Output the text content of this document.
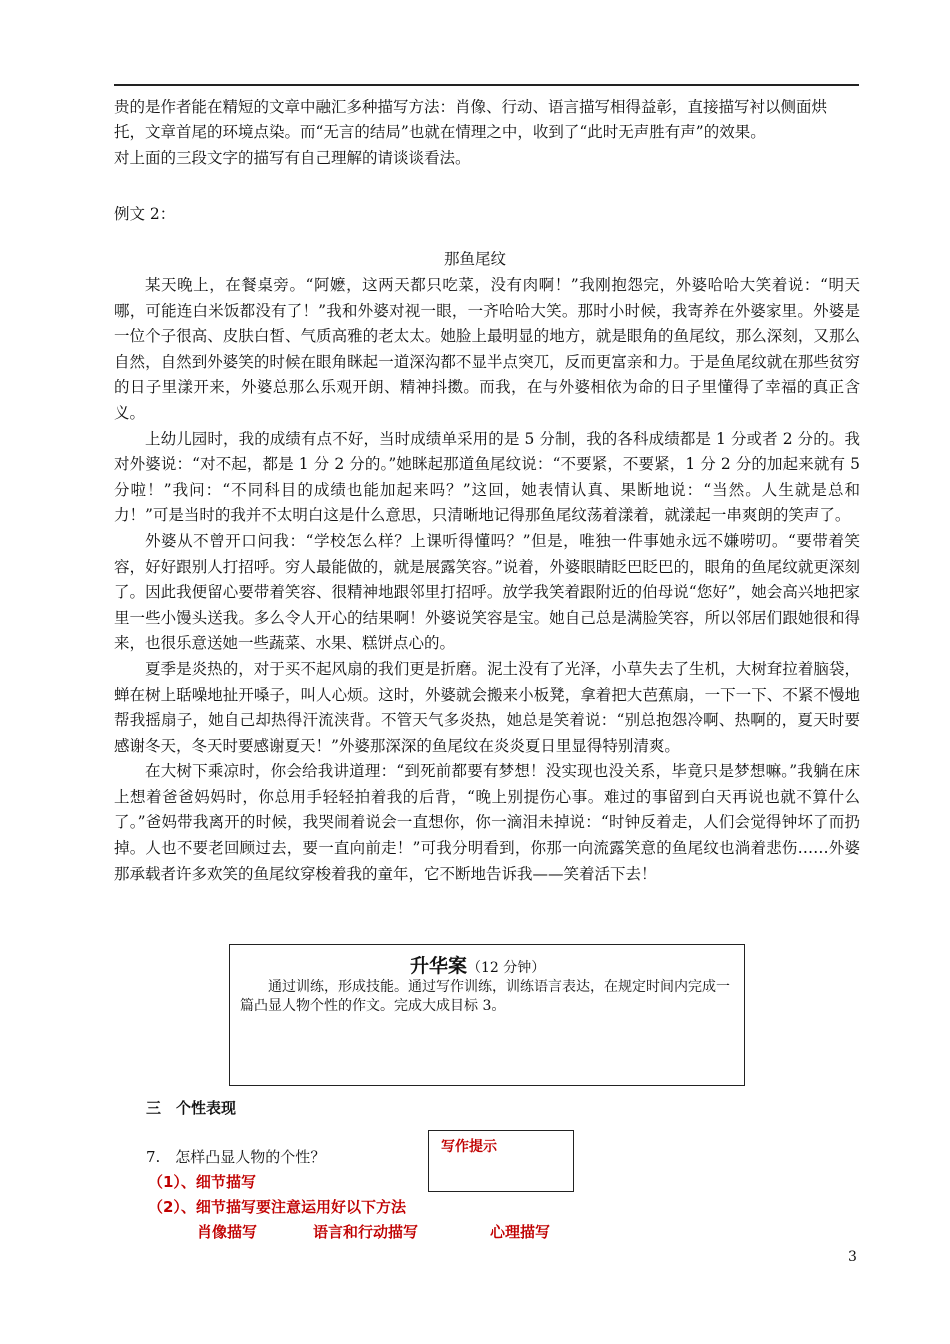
贵的是作者能在精短的文章中融汇多种描写方法：肖像、行动、语言描写相得益彰，直接描写衬以侧面烘
托，文章首尾的环境点染。而“无言的结局”也就在情理之中，收到了“此时无声胜有声”的效果。
对上面的三段文字的描写有自己理解的请谈谈看法。
例文 2：
那鱼尾纹

某天晚上，在餐桌旁。“阿嬷，这两天都只吃菜，没有肉啊！”我刚抱怨完，外婆哈哈大笑着说：“明天哪，可能连白米饭都没有了！”我和外婆对视一眼，一齐哈哈大笑。那时小时候，我寄养在外婆家里。外婆是一位个子很高、皮肤白皙、气质高雅的老太太。她脸上最明显的地方，就是眼角的鱼尾纹，那么深刻，又那么自然，自然到外婆笑的时候在眼角眯起一道深沟都不显半点突兀，反而更富亲和力。于是鱼尾纹就在那些贫穷的日子里漾开来，外婆总那么乐观开朗、精神抖擞。而我，在与外婆相依为命的日子里懂得了幸福的真正含义。

上幼儿园时，我的成绩有点不好，当时成绩单采用的是 5 分制，我的各科成绩都是 1 分或者 2 分的。我对外婆说：“对不起，都是 1 分 2 分的。”她眯起那道鱼尾纹说：“不要紧，不要紧，1 分 2 分的加起来就有 5 分啦！”我问：“不同科目的成绩也能加起来吗？”这回，她表情认真、果断地说：“当然。人生就是总和力！”可是当时的我并不太明白这是什么意思，只清晰地记得那鱼尾纹荡着漾着，就漾起一串爽朗的笑声了。

外婆从不曾开口问我：“学校怎么样？上课听得懂吗？”但是，唯独一件事她永远不嫌唠叨。“要带着笑容，好好跟别人打招呼。穷人最能做的，就是展露笑容。”说着，外婆眼睛眨巴眨巴的，眼角的鱼尾纹就更深刻了。因此我便留心要带着笑容、很精神地跟邻里打招呼。放学我笑着跟附近的伯母说“您好”，她会高兴地把家里一些小馒头送我。多么令人开心的结果啊！外婆说笑容是宝。她自己总是满脸笑容，所以邻居们跟她很和得来，也很乐意送她一些蔬菜、水果、糕饼点心的。

夏季是炎热的，对于买不起风扇的我们更是折磨。泥土没有了光泽，小草失去了生机，大树耷拉着脑袋，蝉在树上聒噪地扯开嗓子，叫人心烦。这时，外婆就会搬来小板凳，拿着把大芭蕉扇，一下一下、不紧不慢地帮我摇扇子，她自己却热得汗流浃背。不管天气多炎热，她总是笑着说：“别总抱怨冷啊、热啊的，夏天时要感谢冬天，冬天时要感谢夏天！”外婆那深深的鱼尾纹在炎炎夏日里显得特别清爽。

在大树下乘凉时，你会给我讲道理：“到死前都要有梦想！没实现也没关系，毕竟只是梦想嘛。”我躺在床上想着爸爸妈妈时，你总用手轻轻拍着我的后背，“晚上别提伤心事。难过的事留到白天再说也就不算什么了。”爸妈带我离开的时候，我哭闹着说会一直想你，你一滴泪未掉说：“时钟反着走，人们会觉得钟坏了而扔掉。人也不要老回顾过去，要一直向前走！”可我分明看到，你那一向流露笑意的鱼尾纹也淌着悲伤……外婆那承载者许多欢笑的鱼尾纹穿梭着我的童年，它不断地告诉我——笑着活下去！

升华案（12 分钟）
通过训练，形成技能。通过写作训练，训练语言表达，在规定时间内完成一篇凸显人物个性的作文。完成大成目标 3。
三　个性表现
7.　怎样凸显人物的个性？
写作提示
（1）、细节描写
（2）、细节描写要注意运用好以下方法
肖像描写	语言和行动描写	心理描写
3
